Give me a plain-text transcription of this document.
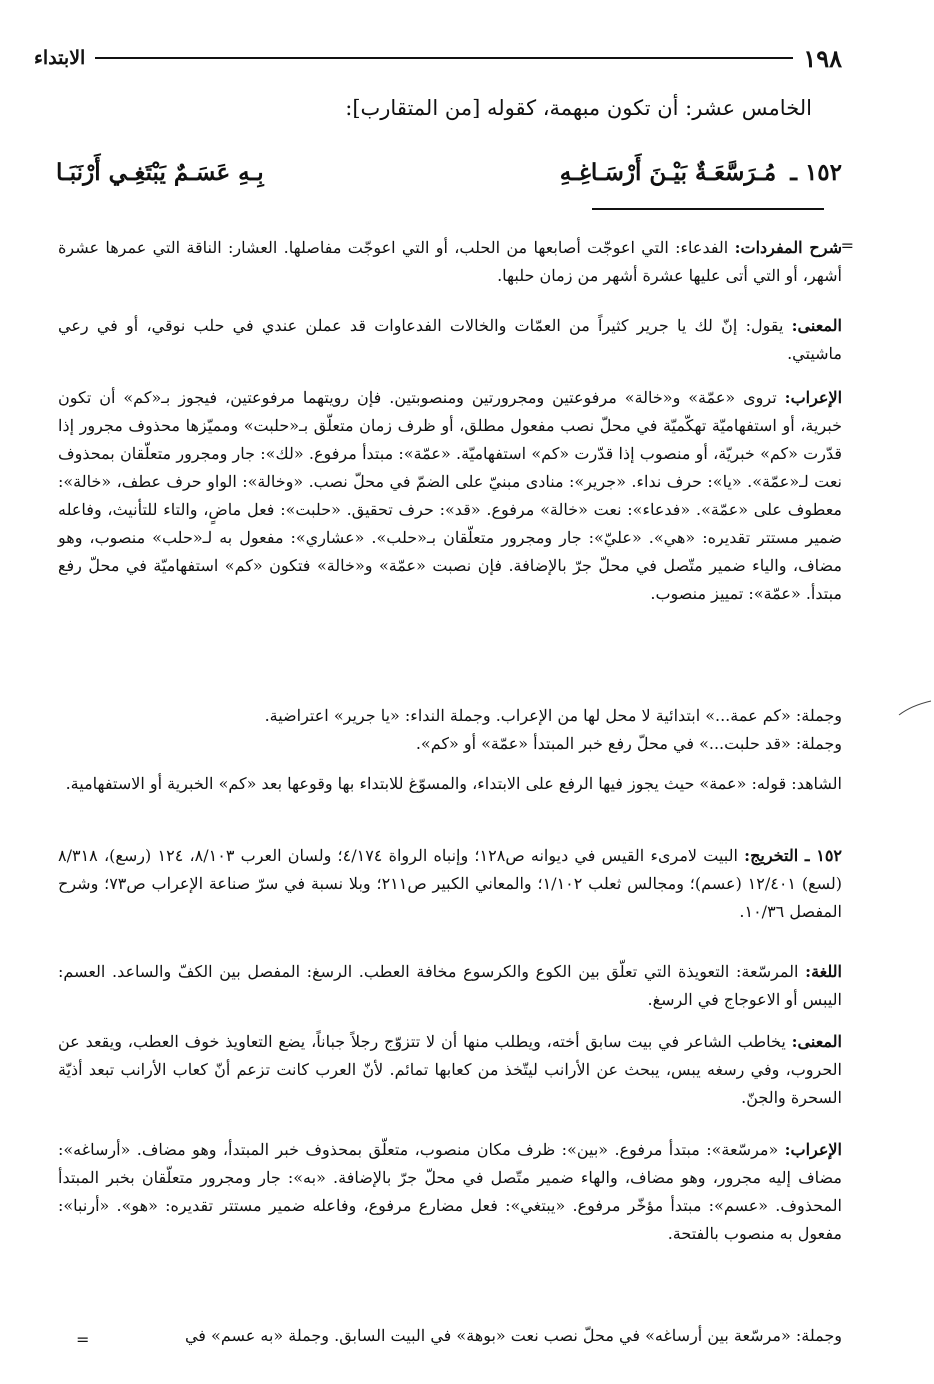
١٩٨
الابتداء
الخامس عشر: أن تكون مبهمة، كقوله [من المتقارب]:
١٥٢ ـ
مُـرَسَّعَـةٌ بَيْـنَ أَرْسَـاغِـهِ
بِـهِ عَسَـمٌ يَبْتَغِـي أَرْنَبَـا
=

شرح المفردات: الفدعاء: التي اعوجّت أصابعها من الحلب، أو التي اعوجّت مفاصلها. العشار: الناقة التي عمرها عشرة أشهر، أو التي أتى عليها عشرة أشهر من زمان حلبها.

المعنى: يقول: إنّ لك يا جرير كثيراً من العمّات والخالات الفدعاوات قد عملن عندي في حلب نوقي، أو في رعي ماشيتي.

الإعراب: تروى «عمّة» و«خالة» مرفوعتين ومجرورتين ومنصوبتين. فإن رويتهما مرفوعتين، فيجوز بـ«كم» أن تكون خبرية، أو استفهاميّة تهكّميّة في محلّ نصب مفعول مطلق، أو ظرف زمان متعلّق بـ«حلبت» ومميّزها محذوف مجرور إذا قدّرت «كم» خبريّة، أو منصوب إذا قدّرت «كم» استفهاميّة. «عمّة»: مبتدأ مرفوع. «لك»: جار ومجرور متعلّقان بمحذوف نعت لـ«عمّة». «يا»: حرف نداء. «جرير»: منادى مبنيّ على الضمّ في محلّ نصب. «وخالة»: الواو حرف عطف، «خالة»: معطوف على «عمّة». «فدعاء»: نعت «خالة» مرفوع. «قد»: حرف تحقيق. «حلبت»: فعل ماضٍ، والتاء للتأنيث، وفاعله ضمير مستتر تقديره: «هي». «عليّ»: جار ومجرور متعلّقان بـ«حلب». «عشاري»: مفعول به لـ«حلب» منصوب، وهو مضاف، والياء ضمير متّصل في محلّ جرّ بالإضافة. فإن نصبت «عمّة» و«خالة» فتكون «كم» استفهاميّة في محلّ رفع مبتدأ. «عمّة»: تمييز منصوب.

وجملة: «كم عمة...» ابتدائية لا محل لها من الإعراب. وجملة النداء: «يا جرير» اعتراضية.

وجملة: «قد حلبت...» في محلّ رفع خبر المبتدأ «عمّة» أو «كم».

الشاهد: قوله: «عمة» حيث يجوز فيها الرفع على الابتداء، والمسوّغ للابتداء بها وقوعها بعد «كم» الخبرية أو الاستفهامية.

١٥٢ ـ التخريج: البيت لامرىء القيس في ديوانه ص١٢٨؛ وإنباه الرواة ٤/١٧٤؛ ولسان العرب ٨/١٠٣، ١٢٤ (رسع)، ٨/٣١٨ (لسع) ١٢/٤٠١ (عسم)؛ ومجالس ثعلب ١/١٠٢؛ والمعاني الكبير ص٢١١؛ وبلا نسبة في سرّ صناعة الإعراب ص٧٣؛ وشرح المفصل ١٠/٣٦.

اللغة: المرسّعة: التعويذة التي تعلّق بين الكوع والكرسوع مخافة العطب. الرسغ: المفصل بين الكفّ والساعد. العسم: اليبس أو الاعوجاج في الرسغ.

المعنى: يخاطب الشاعر في بيت سابق أخته، ويطلب منها أن لا تتزوّج رجلاً جباناً، يضع التعاويذ خوف العطب، ويقعد عن الحروب، وفي رسغه يبس، يبحث عن الأرانب ليتّخذ من كعابها تمائم. لأنّ العرب كانت تزعم أنّ كعاب الأرانب تبعد أذيّة السحرة والجنّ.

الإعراب: «مرسّعة»: مبتدأ مرفوع. «بين»: ظرف مكان منصوب، متعلّق بمحذوف خبر المبتدأ، وهو مضاف. «أرساغه»: مضاف إليه مجرور، وهو مضاف، والهاء ضمير متّصل في محلّ جرّ بالإضافة. «به»: جار ومجرور متعلّقان بخبر المبتدأ المحذوف. «عسم»: مبتدأ مؤخّر مرفوع. «يبتغي»: فعل مضارع مرفوع، وفاعله ضمير مستتر تقديره: «هو». «أرنبا»: مفعول به منصوب بالفتحة.

وجملة: «مرسّعة بين أرساغه» في محلّ نصب نعت «بوهة» في البيت السابق. وجملة «به عسم» في
=
